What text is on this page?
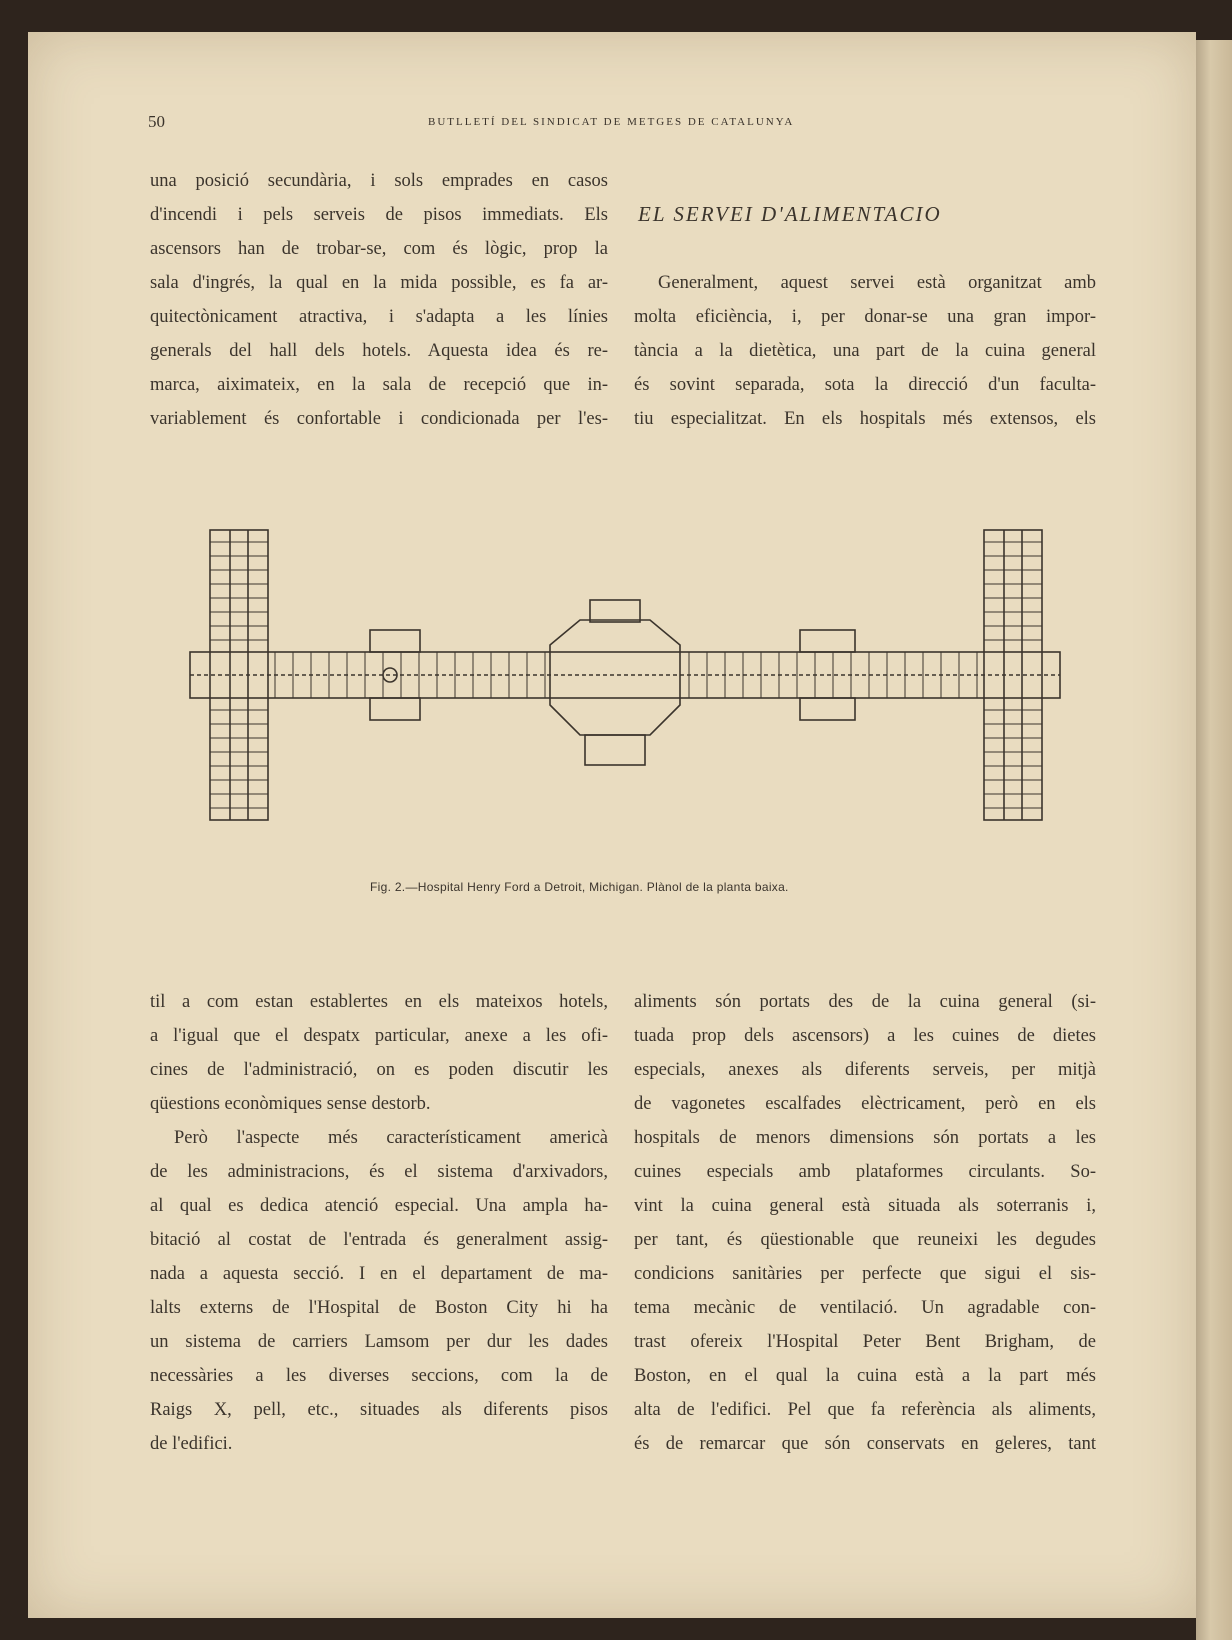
50	BUTLLETÍ DEL SINDICAT DE METGES DE CATALUNYA
una posició secundària, i sols emprades en casos
d'incendi i pels serveis de pisos immediats. Els
ascensors han de trobar-se, com és lògic, prop la
sala d'ingrés, la qual en la mida possible, es fa ar-
quitectònicament atractiva, i s'adapta a les línies
generals del hall dels hotels. Aquesta idea és re-
marca, aiximateix, en la sala de recepció que in-
variablement és confortable i condicionada per l'es-
EL SERVEI D'ALIMENTACIO
Generalment, aquest servei està organitzat amb
molta eficiència, i, per donar-se una gran impor-
tància a la dietètica, una part de la cuina general
és sovint separada, sota la direcció d'un faculta-
tiu especialitzat. En els hospitals més extensos, els
Fig. 2.—Hospital Henry Ford a Detroit, Michigan. Plànol de la planta baixa.
til a com estan establertes en els mateixos hotels,
a l'igual que el despatx particular, anexe a les ofi-
cines de l'administració, on es poden discutir les
qüestions econòmiques sense destorb.
Però l'aspecte més característicament americà
de les administracions, és el sistema d'arxivadors,
al qual es dedica atenció especial. Una ampla ha-
bitació al costat de l'entrada és generalment assig-
nada a aquesta secció. I en el departament de ma-
lalts externs de l'Hospital de Boston City hi ha
un sistema de carriers Lamsom per dur les dades
necessàries a les diverses seccions, com la de
Raigs X, pell, etc., situades als diferents pisos
de l'edifici.
aliments són portats des de la cuina general (si-
tuada prop dels ascensors) a les cuines de dietes
especials, anexes als diferents serveis, per mitjà
de vagonetes escalfades elèctricament, però en els
hospitals de menors dimensions són portats a les
cuines especials amb plataformes circulants. So-
vint la cuina general està situada als soterranis i,
per tant, és qüestionable que reuneixi les degudes
condicions sanitàries per perfecte que sigui el sis-
tema mecànic de ventilació. Un agradable con-
trast ofereix l'Hospital Peter Bent Brigham, de
Boston, en el qual la cuina està a la part més
alta de l'edifici. Pel que fa referència als aliments,
és de remarcar que són conservats en geleres, tant
